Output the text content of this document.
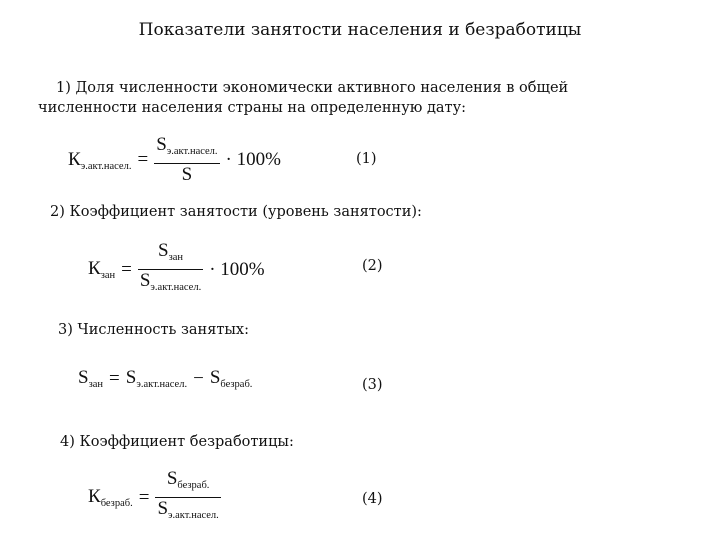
Показатели занятости населения и безработицы
1) Доля численности экономически активного населения в общей
численности населения страны на определенную дату:
$К_{э.акт.насел.} = \frac{S_{э.акт.насел.}}{S} \cdot 100\%$	(1)
2) Коэффициент занятости (уровень занятости):
$К_{зан} = \frac{S_{зан}}{S_{э.акт.насел.}} \cdot 100\%$	(2)
3) Численность занятых:
$S_{зан} = S_{э.акт.насел.} - S_{безраб.}$	(3)
4) Коэффициент безработицы:
$К_{безраб.} = \frac{S_{безраб.}}{S_{э.акт.насел.}}$	(4)
